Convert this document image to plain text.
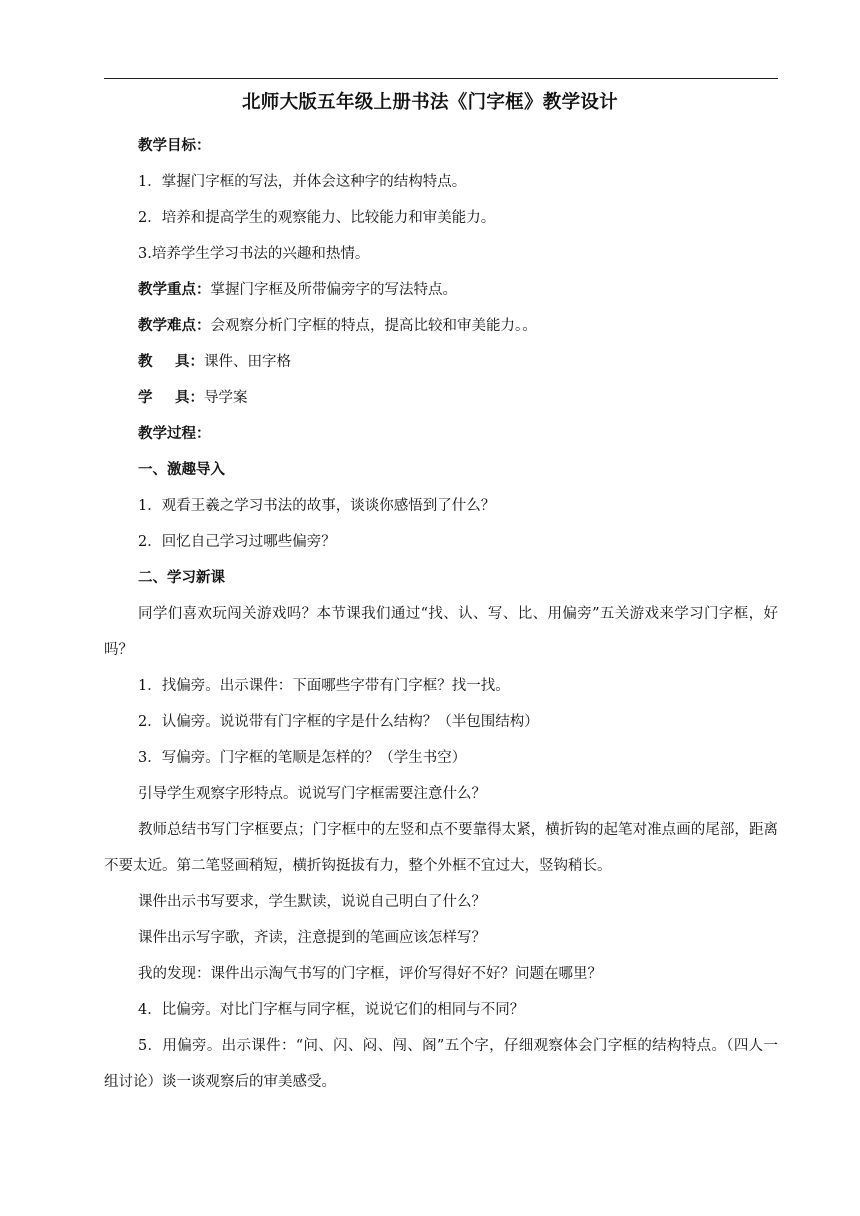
北师大版五年级上册书法《门字框》教学设计
教学目标：
1．掌握门字框的写法，并体会这种字的结构特点。
2．培养和提高学生的观察能力、比较能力和审美能力。
3.培养学生学习书法的兴趣和热情。
教学重点：掌握门字框及所带偏旁字的写法特点。
教学难点：会观察分析门字框的特点，提高比较和审美能力。。
教 具：课件、田字格
学 具：导学案
教学过程：
一、激趣导入
1．观看王羲之学习书法的故事，谈谈你感悟到了什么？
2．回忆自己学习过哪些偏旁？
二、学习新课
同学们喜欢玩闯关游戏吗？本节课我们通过“找、认、写、比、用偏旁”五关游戏来学习门字框，好吗？
1．找偏旁。出示课件：下面哪些字带有门字框？找一找。
2．认偏旁。说说带有门字框的字是什么结构？（半包围结构）
3．写偏旁。门字框的笔顺是怎样的？（学生书空）
引导学生观察字形特点。说说写门字框需要注意什么？
教师总结书写门字框要点；门字框中的左竖和点不要靠得太紧，横折钩的起笔对准点画的尾部，距离不要太近。第二笔竖画稍短，横折钩挺拔有力，整个外框不宜过大，竖钩稍长。
课件出示书写要求，学生默读，说说自己明白了什么？
课件出示写字歌，齐读，注意提到的笔画应该怎样写？
我的发现：课件出示淘气书写的门字框，评价写得好不好？问题在哪里？
4．比偏旁。对比门字框与同字框，说说它们的相同与不同？
5．用偏旁。出示课件：“问、闪、闷、闯、阁”五个字，仔细观察体会门字框的结构特点。（四人一组讨论）谈一谈观察后的审美感受。
